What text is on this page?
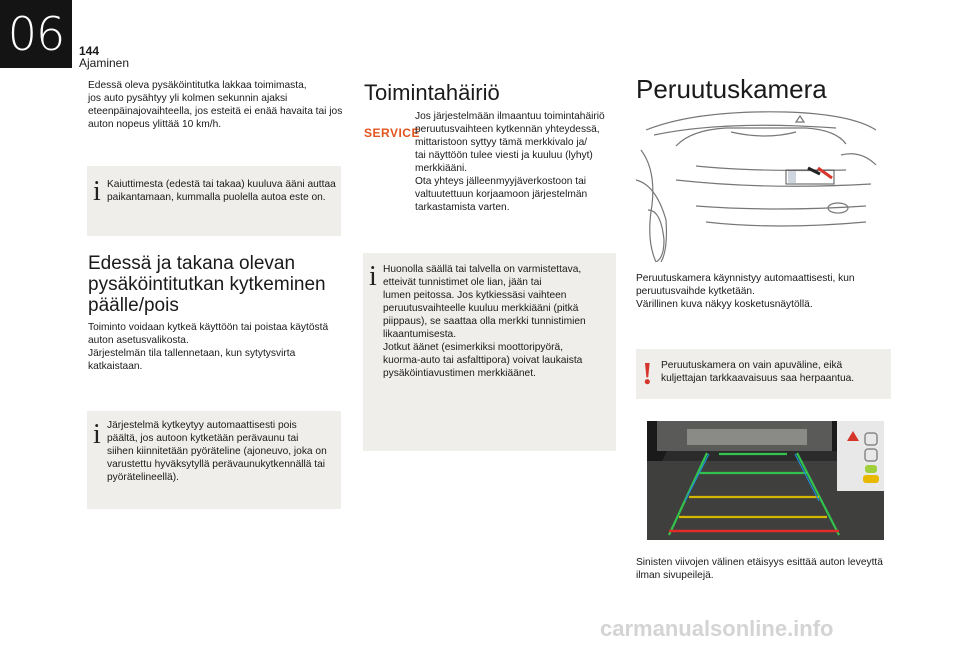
06	144
Ajaminen
Edessä oleva pysäköintitutka lakkaa toimimasta,
jos auto pysähtyy yli kolmen sekunnin ajaksi
eteenpäinajovaihteella, jos esteitä ei enää havaita tai jos
auton nopeus ylittää 10 km/h.
i Kaiuttimesta (edestä tai takaa) kuuluva ääni auttaa
paikantamaan, kummalla puolella autoa este on.
Edessä ja takana olevan
pysäköintitutkan kytkeminen
päälle/pois
Toiminto voidaan kytkeä käyttöön tai poistaa käytöstä
auton asetusvalikosta.
Järjestelmän tila tallennetaan, kun sytytysvirta
katkaistaan.
i Järjestelmä kytkeytyy automaattisesti pois
päältä, jos autoon kytketään perävaunu tai
siihen kiinnitetään pyöräteline (ajoneuvo, joka on
varustettu hyväksytyllä perävaunukytkennällä tai
pyörätelineellä).
Toimintahäiriö
SERVICE
Jos järjestelmään ilmaantuu toimintahäiriö
peruutusvaihteen kytkennän yhteydessä,
mittaristoon syttyy tämä merkkivalo ja/
tai näyttöön tulee viesti ja kuuluu (lyhyt)
merkkiääni.
Ota yhteys jälleenmyyjäverkostoon tai
valtuutettuun korjaamoon järjestelmän
tarkastamista varten.
i Huonolla säällä tai talvella on varmistettava,
etteivät tunnistimet ole lian, jään tai
lumen peitossa. Jos kytkiessäsi vaihteen
peruutusvaihteelle kuuluu merkkiääni (pitkä
piippaus), se saattaa olla merkki tunnistimien
likaantumisesta.
Jotkut äänet (esimerkiksi moottoripyörä,
kuorma-auto tai asfalttipora) voivat laukaista
pysäköintiavustimen merkkiäänet.
Peruutuskamera
Peruutuskamera käynnistyy automaattisesti, kun
peruutusvaihde kytketään.
Värillinen kuva näkyy kosketusnäytöllä.
! Peruutuskamera on vain apuväline, eikä
kuljettajan tarkkaavaisuus saa herpaantua.
Sinisten viivojen välinen etäisyys esittää auton leveyttä
ilman sivupeilejä.
carmanualsonline.info
